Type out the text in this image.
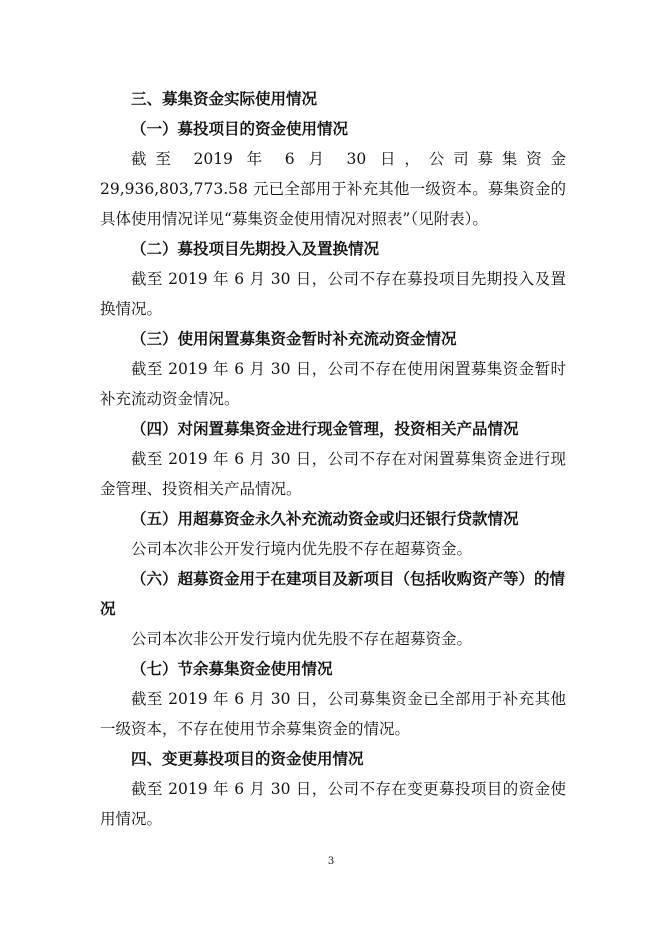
三、募集资金实际使用情况

（一）募投项目的资金使用情况

截至 2019 年 6 月 30 日，公司募集资金 29,936,803,773.58 元已全部用于补充其他一级资本。募集资金的具体使用情况详见“募集资金使用情况对照表”（见附表）。

（二）募投项目先期投入及置换情况

截至 2019 年 6 月 30 日，公司不存在募投项目先期投入及置换情况。

（三）使用闲置募集资金暂时补充流动资金情况

截至 2019 年 6 月 30 日，公司不存在使用闲置募集资金暂时补充流动资金情况。

（四）对闲置募集资金进行现金管理，投资相关产品情况

截至 2019 年 6 月 30 日，公司不存在对闲置募集资金进行现金管理、投资相关产品情况。

（五）用超募资金永久补充流动资金或归还银行贷款情况

公司本次非公开发行境内优先股不存在超募资金。

（六）超募资金用于在建项目及新项目（包括收购资产等）的情况

公司本次非公开发行境内优先股不存在超募资金。

（七）节余募集资金使用情况

截至 2019 年 6 月 30 日，公司募集资金已全部用于补充其他一级资本，不存在使用节余募集资金的情况。

四、变更募投项目的资金使用情况

截至 2019 年 6 月 30 日，公司不存在变更募投项目的资金使用情况。

3
